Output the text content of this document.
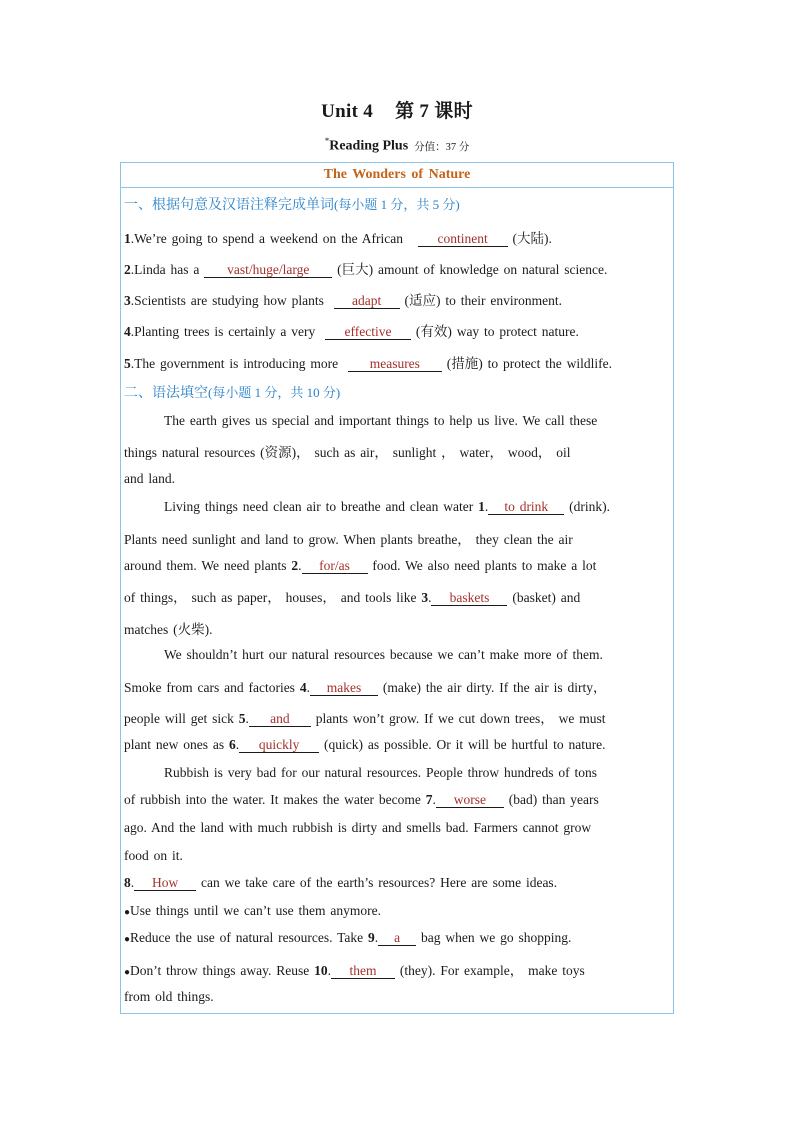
Unit 4 第 7 课时
*Reading Plus 分值：37 分
The Wonders of Nature
一、根据句意及汉语注释完成单词(每小题 1 分，共 5 分)
1.We’re going to spend a weekend on the African	continent (大陆).
2.Linda has a vast/huge/large (巨大) amount of knowledge on natural science.
3.Scientists are studying how plants adapt (适应) to their environment.
4.Planting trees is certainly a very effective (有效) way to protect nature.
5.The government is introducing more measures (措施) to protect the wildlife.
二、语法填空(每小题 1 分，共 10 分)
The earth gives us special and important things to help us live. We call these
things natural resources (资源)， such as air， sunlight ， water， wood， oil
and land.
Living things need clean air to breathe and clean water 1. to drink (drink).
Plants need sunlight and land to grow. When plants breathe， they clean the air
around them. We need plants 2. for/as food. We also need plants to make a lot
of things， such as paper， houses， and tools like 3. baskets (basket) and
matches (火柴).
We shouldn’t hurt our natural resources because we can’t make more of them.
Smoke from cars and factories 4. makes (make) the air dirty. If the air is dirty，
people will get sick 5. and plants won’t grow. If we cut down trees， we must
plant new ones as 6. quickly (quick) as possible. Or it will be hurtful to nature.
Rubbish is very bad for our natural resources. People throw hundreds of tons
of rubbish into the water. It makes the water become 7. worse (bad) than years
ago. And the land with much rubbish is dirty and smells bad. Farmers cannot grow
food on it.
8. How can we take care of the earth’s resources? Here are some ideas.
●Use things until we can’t use them anymore.
●Reduce the use of natural resources. Take 9. a bag when we go shopping.
●Don’t throw things away. Reuse 10. them (they). For example， make toys
from old things.
